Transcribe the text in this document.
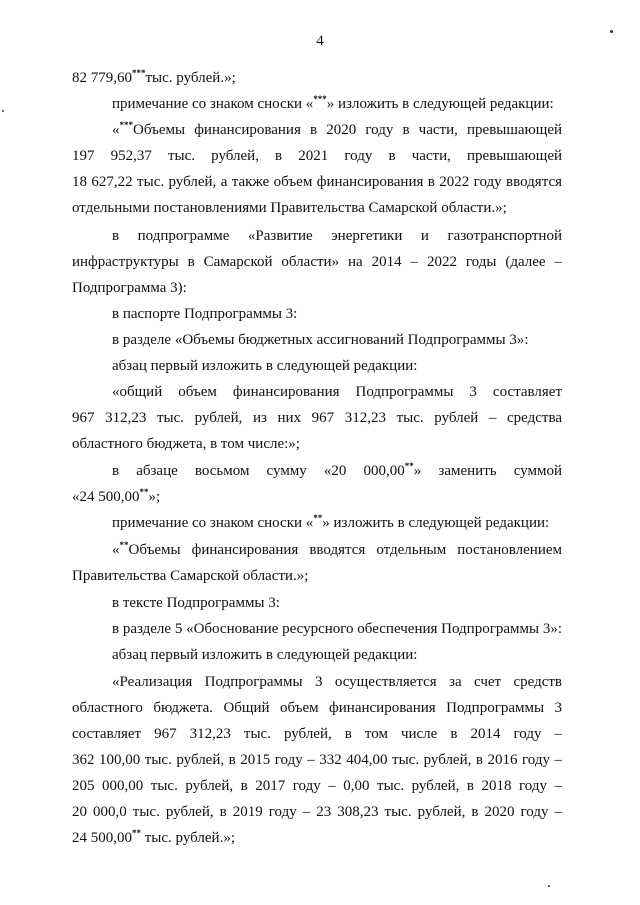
4
82 779,60***тыс. рублей.»;
примечание со знаком сноски «***» изложить в следующей редакции:
«***Объемы финансирования в 2020 году в части, превышающей
197 952,37 тыс. рублей, в 2021 году в части, превышающей
18 627,22 тыс. рублей, а также объем финансирования в 2022 году вводятся
отдельными постановлениями Правительства Самарской области.»;
в подпрограмме «Развитие энергетики и газотранспортной
инфраструктуры в Самарской области» на 2014 – 2022 годы (далее –
Подпрограмма 3):
в паспорте Подпрограммы 3:
в разделе «Объемы бюджетных ассигнований Подпрограммы 3»:
абзац первый изложить в следующей редакции:
«общий объем финансирования Подпрограммы 3 составляет
967 312,23 тыс. рублей, из них 967 312,23 тыс. рублей – средства
областного бюджета, в том числе:»;
в абзаце восьмом сумму «20 000,00**» заменить суммой
«24 500,00**»;
примечание со знаком сноски «**» изложить в следующей редакции:
«**Объемы финансирования вводятся отдельным постановлением
Правительства Самарской области.»;
в тексте Подпрограммы 3:
в разделе 5 «Обоснование ресурсного обеспечения Подпрограммы 3»:
абзац первый изложить в следующей редакции:
«Реализация Подпрограммы 3 осуществляется за счет средств
областного бюджета. Общий объем финансирования Подпрограммы 3
составляет 967 312,23 тыс. рублей, в том числе в 2014 году –
362 100,00 тыс. рублей, в 2015 году – 332 404,00 тыс. рублей, в 2016 году –
205 000,00 тыс. рублей, в 2017 году – 0,00 тыс. рублей, в 2018 году –
20 000,0 тыс. рублей, в 2019 году – 23 308,23 тыс. рублей, в 2020 году –
24 500,00** тыс. рублей.»;
